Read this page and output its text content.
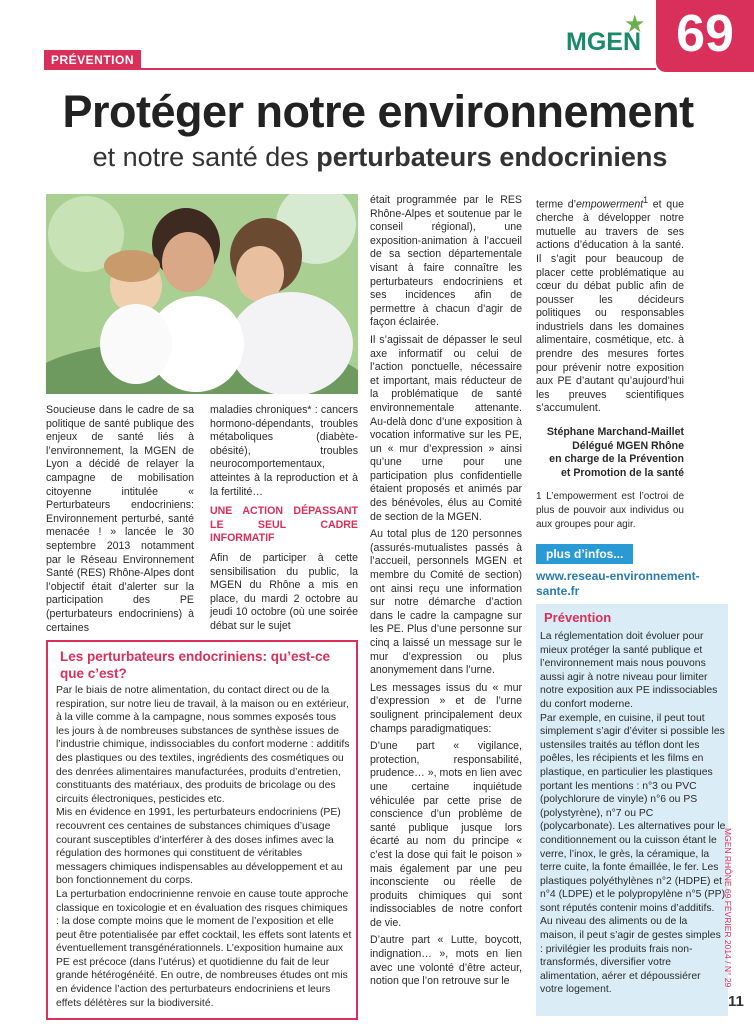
PRÉVENTION
MGEN
★ 69
Protéger notre environnement
et notre santé des perturbateurs endocriniens

Soucieuse dans le cadre de sa politique de santé publique des enjeux de santé liés à l’environnement, la MGEN de Lyon a décidé de relayer la campagne de mobilisation citoyenne intitulée « Perturbateurs endocriniens: Environnement perturbé, santé menacée ! » lancée le 30 septembre 2013 notamment par le Réseau Environnement Santé (RES) Rhône-Alpes dont l’objectif était d’alerter sur la participation des PE (perturbateurs endocriniens) à certaines

maladies chroniques* : cancers hormono-dépendants, troubles métaboliques (diabète-obésité), troubles neurocomportementaux, atteintes à la reproduction et à la fertilité…

UNE ACTION DÉPASSANT LE SEUL CADRE INFORMATIF

Afin de participer à cette sensibilisation du public, la MGEN du Rhône a mis en place, du mardi 2 octobre au jeudi 10 octobre (où une soirée débat sur le sujet

Les perturbateurs endocriniens: qu’est-ce que c’est?

Par le biais de notre alimentation, du contact direct ou de la respiration, sur notre lieu de travail, à la maison ou en extérieur, à la ville comme à la campagne, nous sommes exposés tous les jours à de nombreuses substances de synthèse issues de l’industrie chimique, indissociables du confort moderne : additifs des plastiques ou des textiles, ingrédients des cosmétiques ou des denrées alimentaires manufacturées, produits d’entretien, constituants des matériaux, des produits de bricolage ou des circuits électroniques, pesticides etc.

Mis en évidence en 1991, les perturbateurs endocriniens (PE) recouvrent ces centaines de substances chimiques d’usage courant susceptibles d’interférer à des doses infimes avec la régulation des hormones qui constituent de véritables messagers chimiques indispensables au développement et au bon fonctionnement du corps.

La perturbation endocrinienne renvoie en cause toute approche classique en toxicologie et en évaluation des risques chimiques : la dose compte moins que le moment de l’exposition et elle peut être potentialisée par effet cocktail, les effets sont latents et éventuellement transgénérationnels. L’exposition humaine aux PE est précoce (dans l’utérus) et quotidienne du fait de leur grande hétérogénéité. En outre, de nombreuses études ont mis en évidence l’action des perturbateurs endocriniens et leurs effets délétères sur la biodiversité.

était programmée par le RES Rhône-Alpes et soutenue par le conseil régional), une exposition-animation à l’accueil de sa section départementale visant à faire connaître les perturbateurs endocriniens et ses incidences afin de permettre à chacun d’agir de façon éclairée.

Il s’agissait de dépasser le seul axe informatif ou celui de l’action ponctuelle, nécessaire et important, mais réducteur de la problématique de santé environnementale attenante. Au-delà donc d’une exposition à vocation informative sur les PE, un « mur d’expression » ainsi qu’une urne pour une participation plus confidentielle étaient proposés et animés par des bénévoles, élus au Comité de section de la MGEN.

Au total plus de 120 personnes (assurés-mutualistes passés à l’accueil, personnels MGEN et membre du Comité de section) ont ainsi reçu une information sur notre démarche d’action dans le cadre la campagne sur les PE. Plus d’une personne sur cinq a laissé un message sur le mur d’expression ou plus anonymement dans l’urne.

Les messages issus du « mur d’expression » et de l’urne soulignent principalement deux champs paradigmatiques:

D’une part « vigilance, protection, responsabilité, prudence… », mots en lien avec une certaine inquiétude véhiculée par cette prise de conscience d’un problème de santé publique jusque lors écarté au nom du principe « c’est la dose qui fait le poison » mais également par une peu inconsciente ou réelle de produits chimiques qui sont indissociables de notre confort de vie.

D’autre part « Lutte, boycott, indignation… », mots en lien avec une volonté d’être acteur, notion que l’on retrouve sur le

terme d’empowerment$^1$ et que cherche à développer notre mutuelle au travers de ses actions d’éducation à la santé. Il s’agit pour beaucoup de placer cette problématique au cœur du débat public afin de pousser les décideurs politiques ou responsables industriels dans les domaines alimentaire, cosmétique, etc. à prendre des mesures fortes pour prévenir notre exposition aux PE d’autant qu’aujourd’hui les preuves scientifiques s’accumulent.

Stéphane Marchand-Maillet
Délégué MGEN Rhône
en charge de la Prévention
et Promotion de la santé
1 L’empowerment est l’octroi de plus de pouvoir aux individus ou aux groupes pour agir.
plus d’infos...
www.reseau-environnement-sante.fr
Prévention

La réglementation doit évoluer pour mieux protéger la santé publique et l’environnement mais nous pouvons aussi agir à notre niveau pour limiter notre exposition aux PE indissociables du confort moderne.

Par exemple, en cuisine, il peut tout simplement s’agir d’éviter si possible les ustensiles traités au téflon dont les poêles, les récipients et les films en plastique, en particulier les plastiques portant les mentions : n°3 ou PVC (polychlorure de vinyle) n°6 ou PS (polystyrène), n°7 ou PC (polycarbonate). Les alternatives pour le conditionnement ou la cuisson étant le verre, l’inox, le grès, la céramique, la terre cuite, la fonte émaillée, le fer. Les plastiques polyéthylènes n°2 (HDPE) et n°4 (LDPE) et le polypropylène n°5 (PP) sont réputés contenir moins d’additifs.

Au niveau des aliments ou de la maison, il peut s’agir de gestes simples : privilégier les produits frais non-transformés, diversifier votre alimentation, aérer et dépoussiérer votre logement.

MGEN RHÔNE 69 FÉVRIER 2014 / N° 29
11
